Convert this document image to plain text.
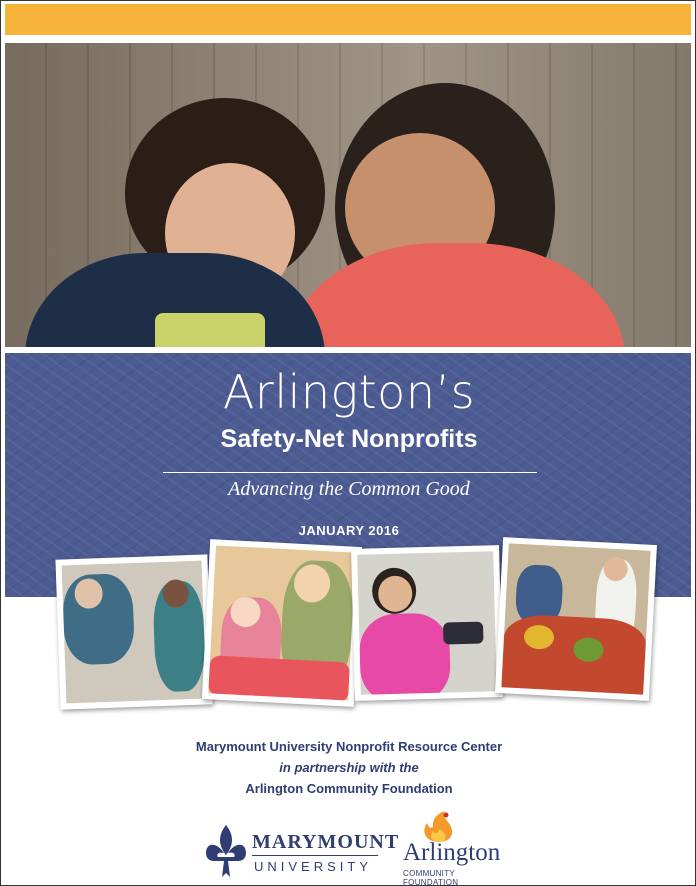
Arlington’s
Safety-Net Nonprofits
Advancing the Common Good
JANUARY 2016
Marymount University Nonprofit Resource Center
in partnership with the
Arlington Community Foundation
MARYMOUNT
UNIVERSITY
Arlington
COMMUNITY FOUNDATION
